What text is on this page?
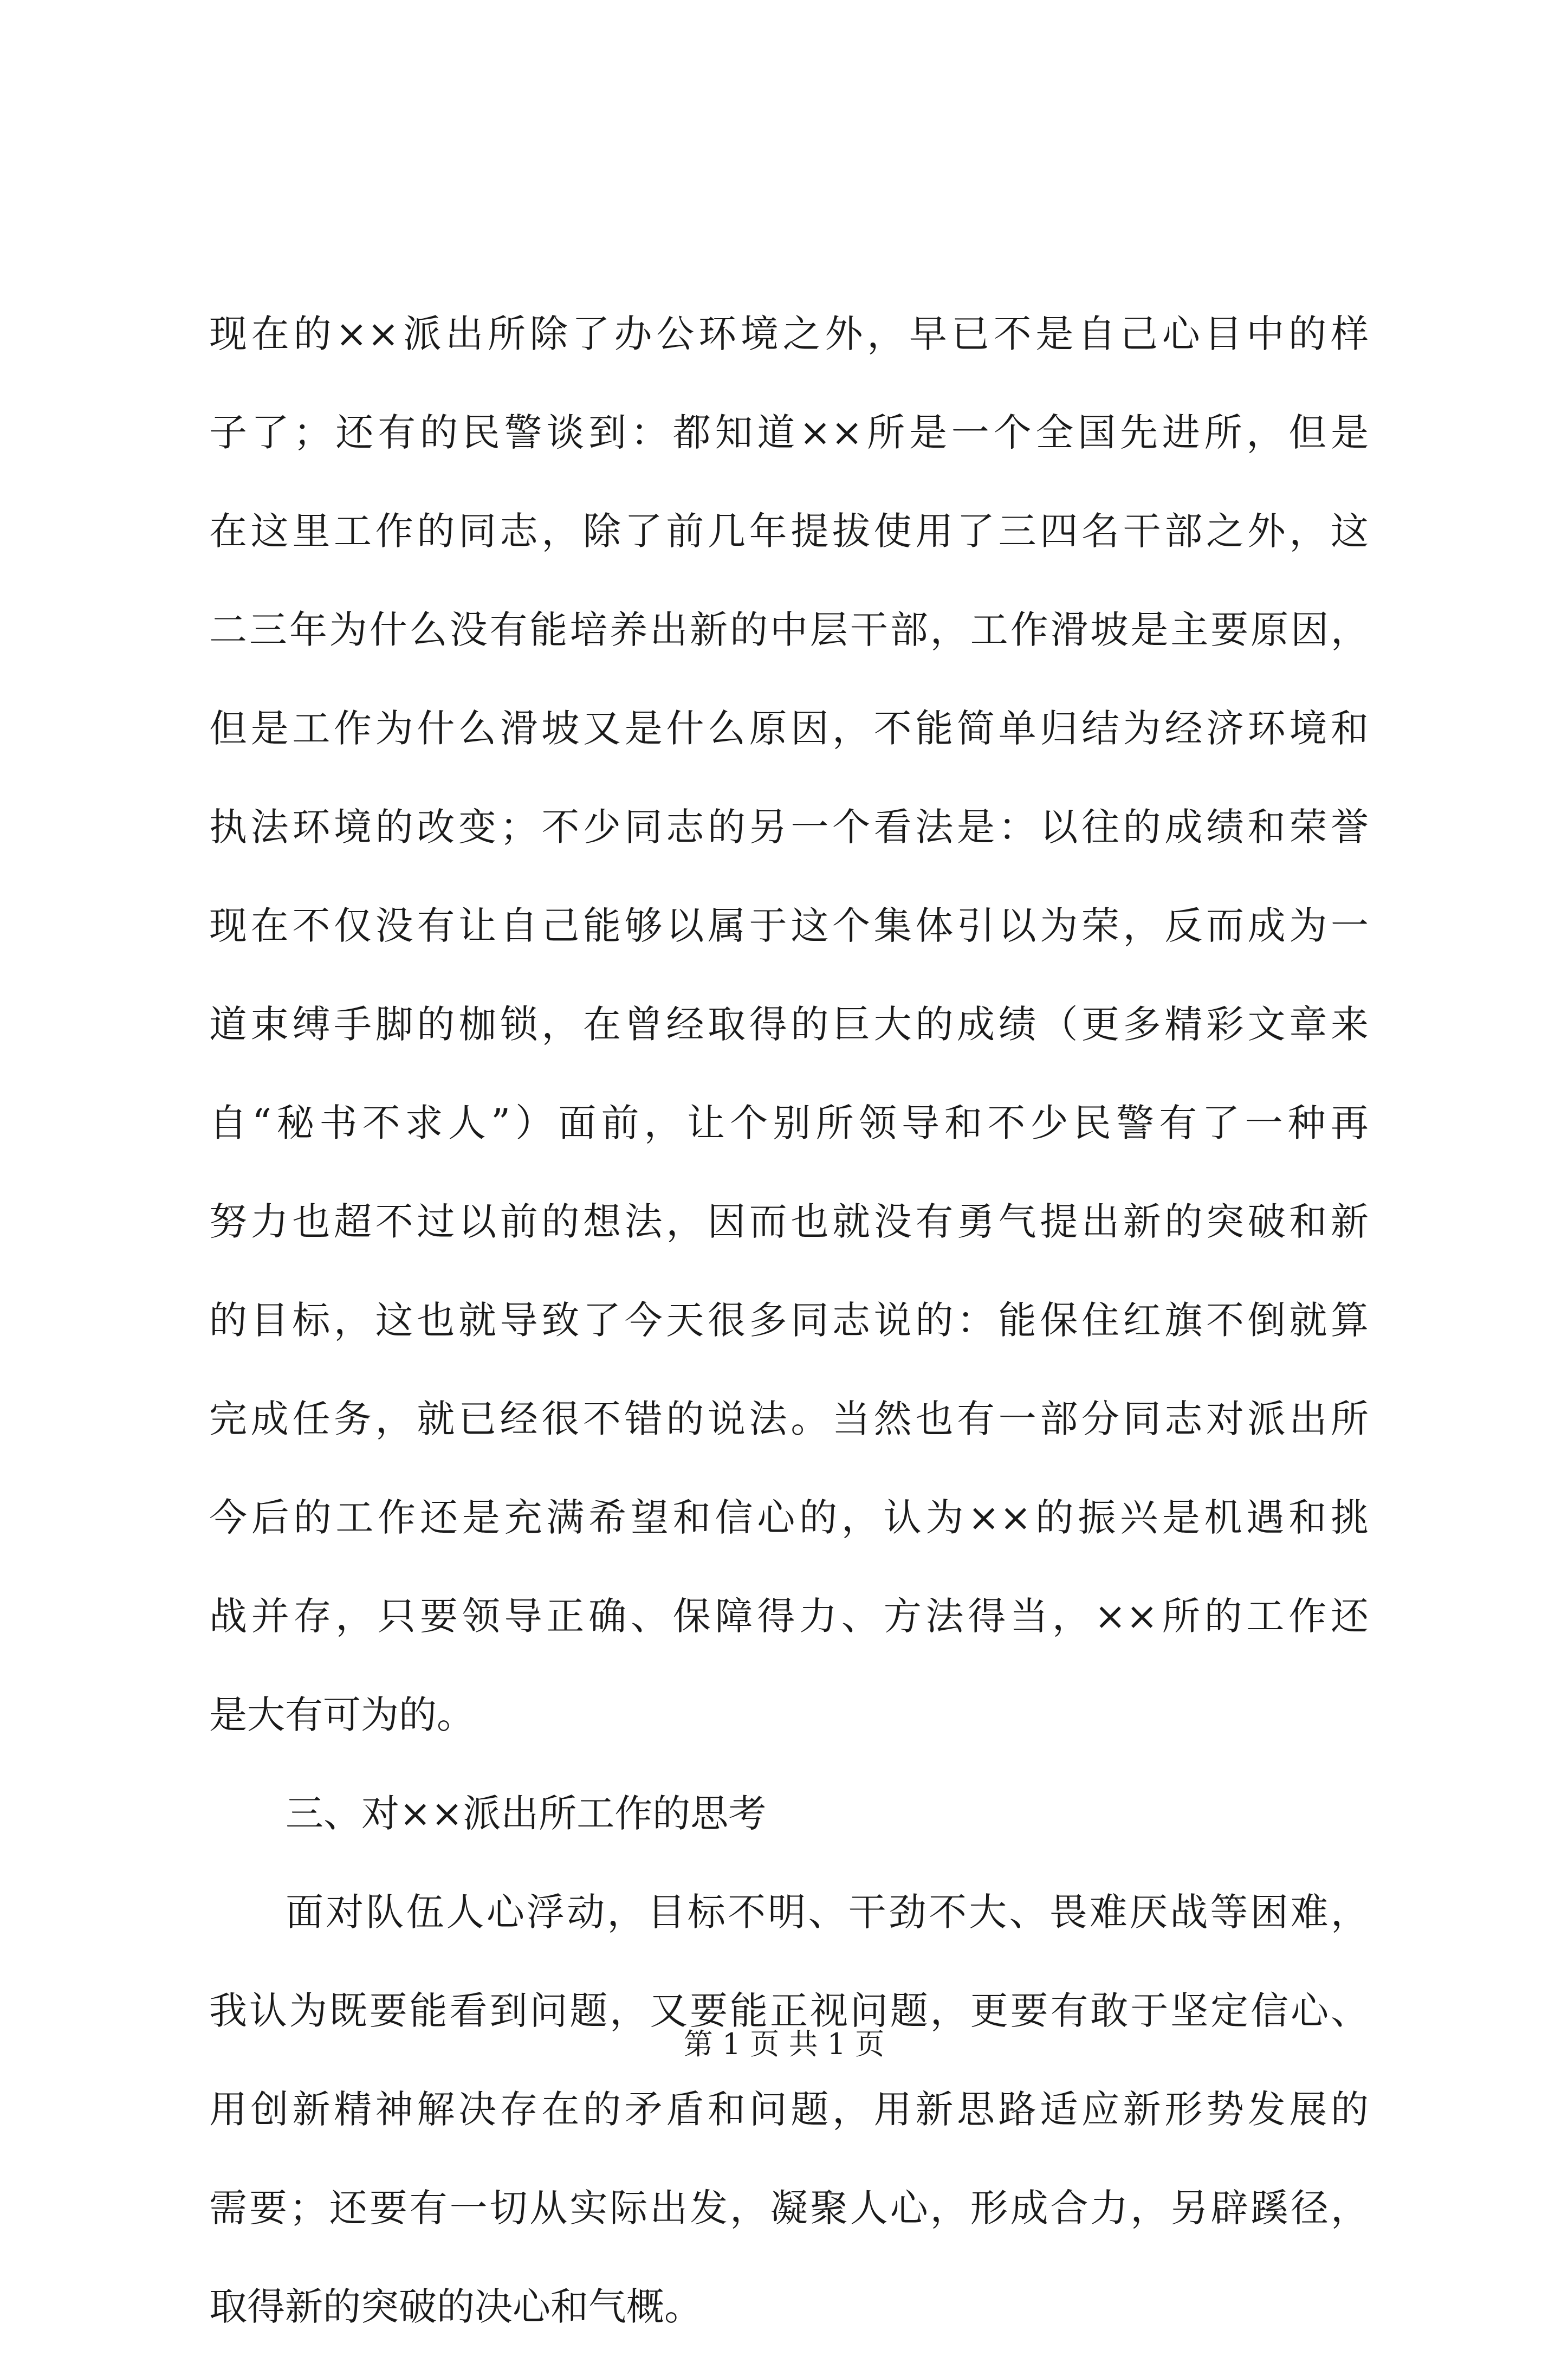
现在的××派出所除了办公环境之外，早已不是自己心目中的样
子了；还有的民警谈到：都知道××所是一个全国先进所，但是
在这里工作的同志，除了前几年提拔使用了三四名干部之外，这
二三年为什么没有能培养出新的中层干部，工作滑坡是主要原因，
但是工作为什么滑坡又是什么原因，不能简单归结为经济环境和
执法环境的改变；不少同志的另一个看法是：以往的成绩和荣誉
现在不仅没有让自己能够以属于这个集体引以为荣，反而成为一
道束缚手脚的枷锁，在曾经取得的巨大的成绩（更多精彩文章来
自“秘书不求人”）面前，让个别所领导和不少民警有了一种再
努力也超不过以前的想法，因而也就没有勇气提出新的突破和新
的目标，这也就导致了今天很多同志说的：能保住红旗不倒就算
完成任务，就已经很不错的说法。当然也有一部分同志对派出所
今后的工作还是充满希望和信心的，认为××的振兴是机遇和挑
战并存，只要领导正确、保障得力、方法得当，××所的工作还
是大有可为的。
三、对××派出所工作的思考
面对队伍人心浮动，目标不明、干劲不大、畏难厌战等困难，
我认为既要能看到问题，又要能正视问题，更要有敢于坚定信心、
用创新精神解决存在的矛盾和问题，用新思路适应新形势发展的
需要；还要有一切从实际出发，凝聚人心，形成合力，另辟蹊径，
取得新的突破的决心和气概。
第 1 页 共 1 页
